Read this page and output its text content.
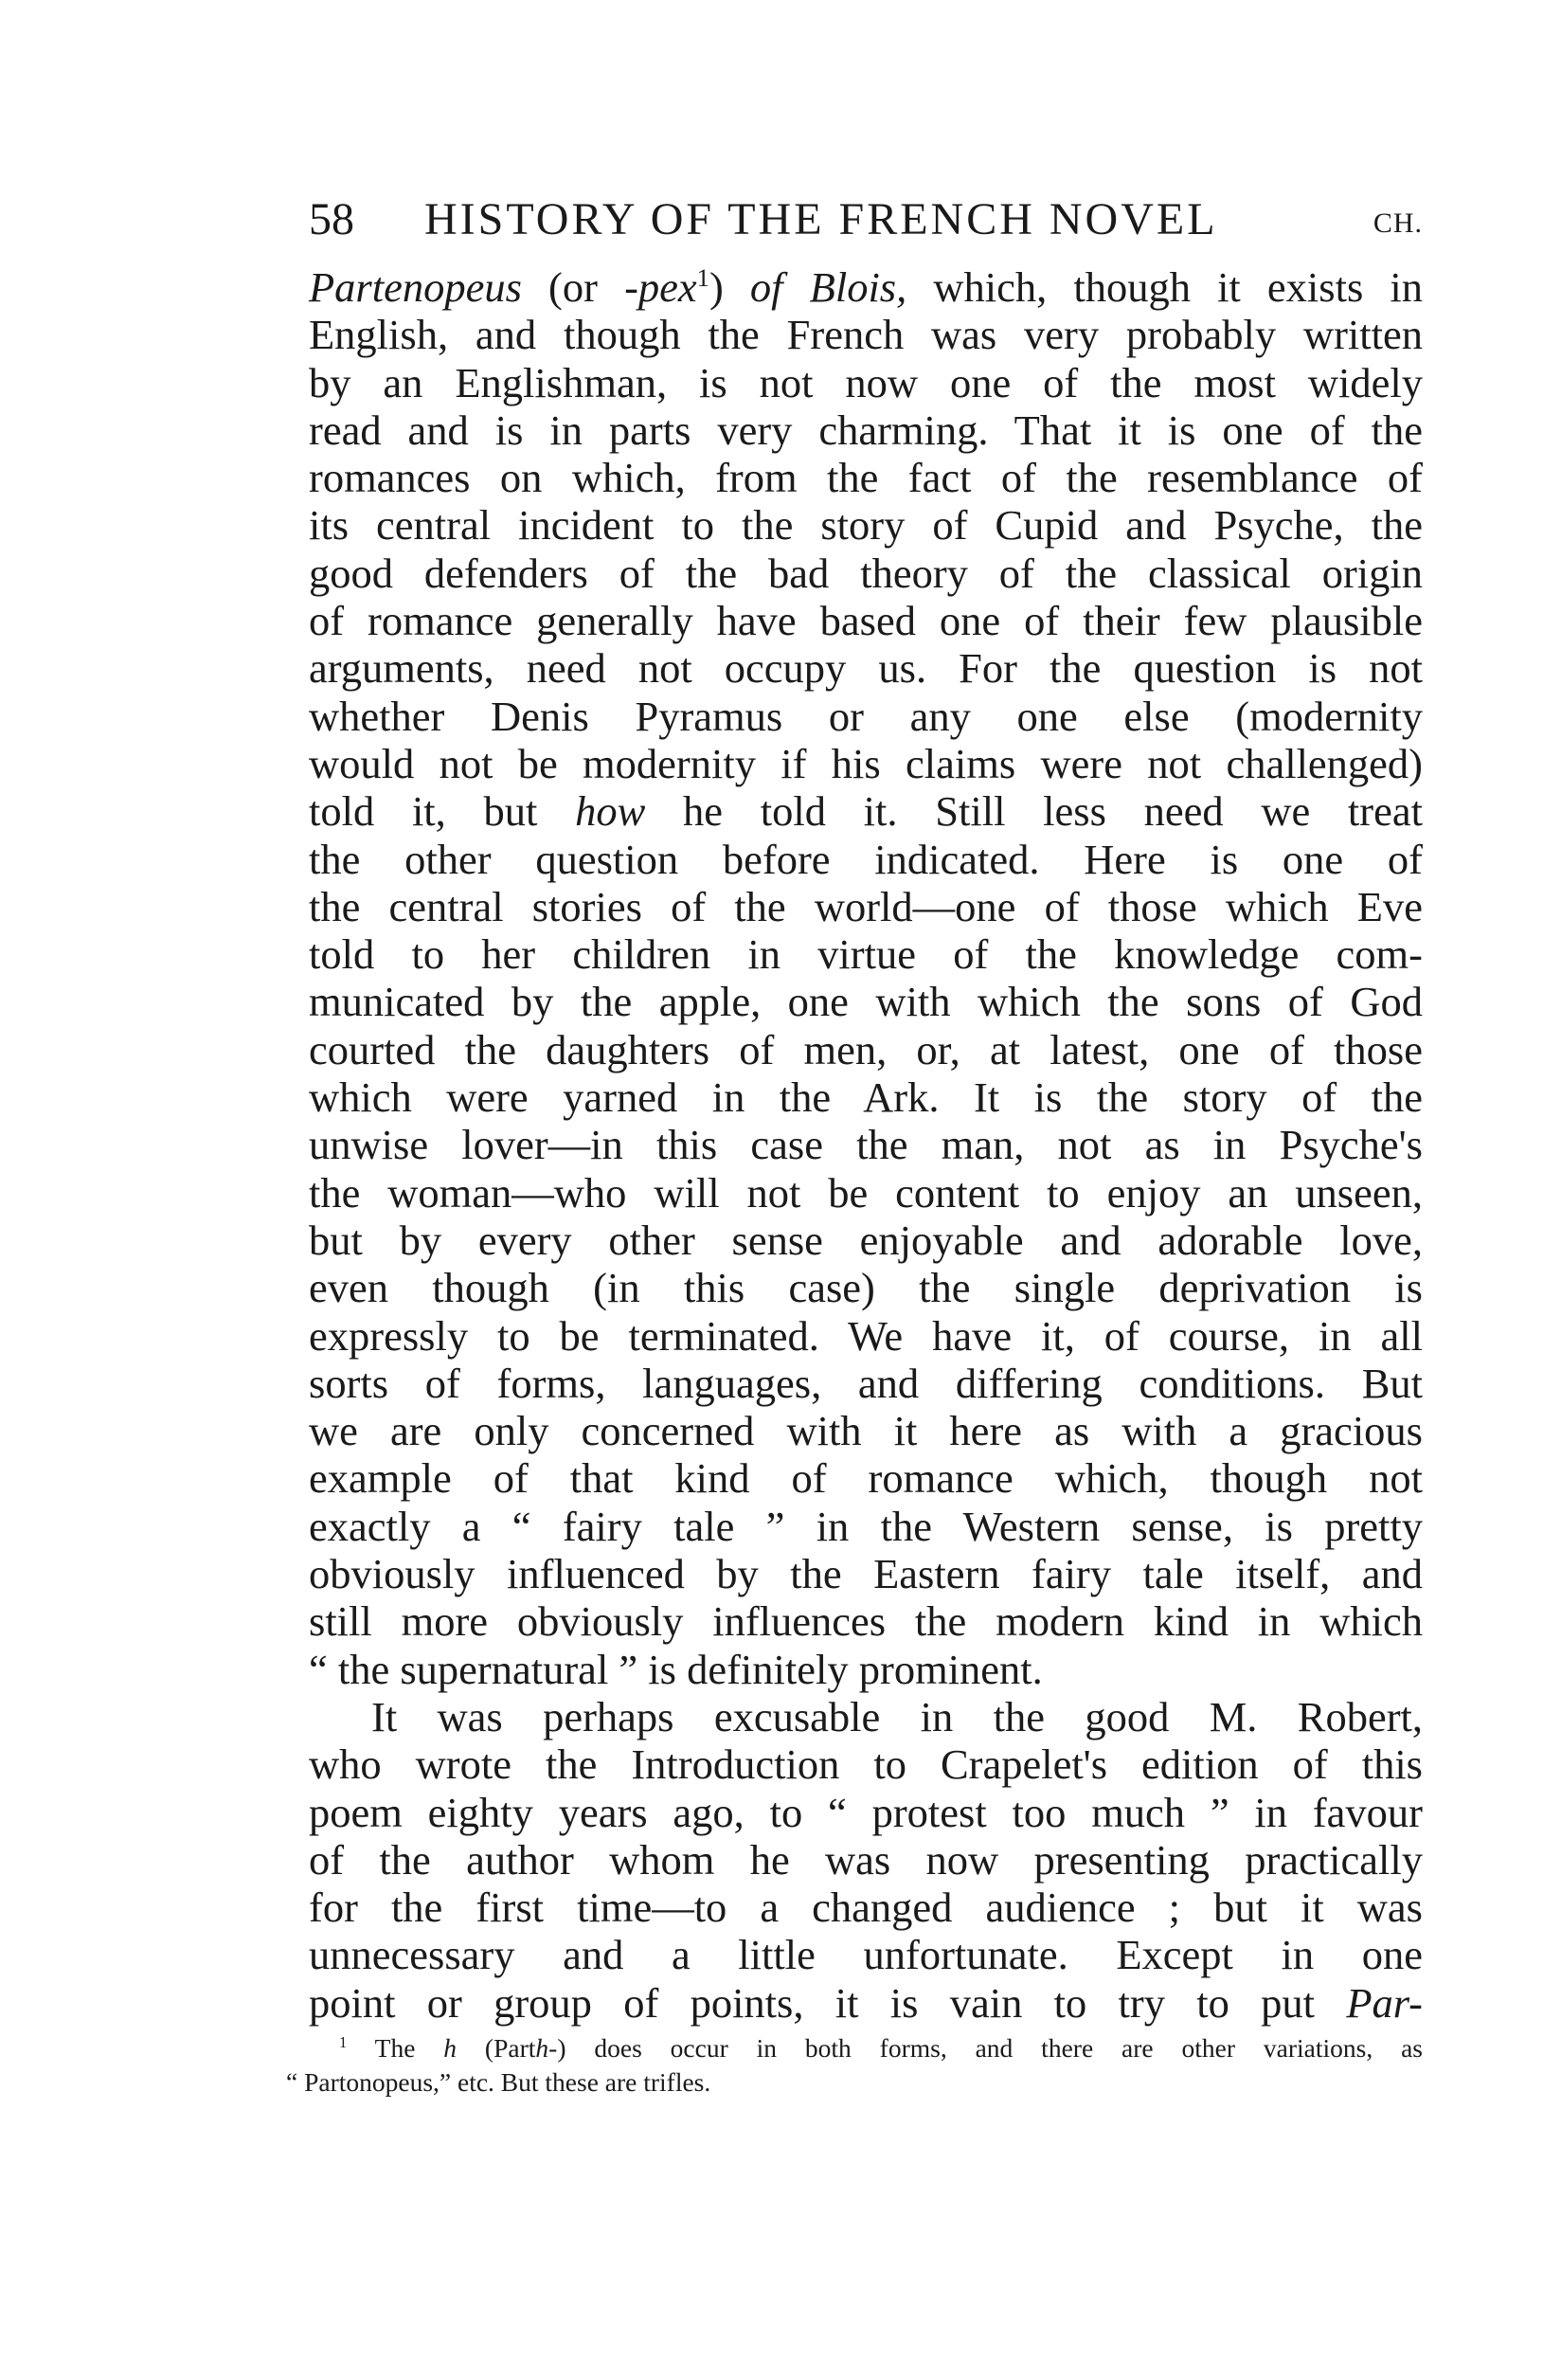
58 HISTORY OF THE FRENCH NOVEL	CH.
Partenopeus (or -pex$^1$) of Blois, which, though it exists in
English, and though the French was very probably written
by an Englishman, is not now one of the most widely
read and is in parts very charming. That it is one of the
romances on which, from the fact of the resemblance of
its central incident to the story of Cupid and Psyche, the
good defenders of the bad theory of the classical origin
of romance generally have based one of their few plausible
arguments, need not occupy us. For the question is not
whether Denis Pyramus or any one else (modernity
would not be modernity if his claims were not challenged)
told it, but how he told it. Still less need we treat
the other question before indicated. Here is one of
the central stories of the world—one of those which Eve
told to her children in virtue of the knowledge com-
municated by the apple, one with which the sons of God
courted the daughters of men, or, at latest, one of those
which were yarned in the Ark. It is the story of the
unwise lover—in this case the man, not as in Psyche's
the woman—who will not be content to enjoy an unseen,
but by every other sense enjoyable and adorable love,
even though (in this case) the single deprivation is
expressly to be terminated. We have it, of course, in all
sorts of forms, languages, and differing conditions. But
we are only concerned with it here as with a gracious
example of that kind of romance which, though not
exactly a “ fairy tale ” in the Western sense, is pretty
obviously influenced by the Eastern fairy tale itself, and
still more obviously influences the modern kind in which
“ the supernatural ” is definitely prominent.
It was perhaps excusable in the good M. Robert,
who wrote the Introduction to Crapelet's edition of this
poem eighty years ago, to “ protest too much ” in favour
of the author whom he was now presenting practically
for the first time—to a changed audience ; but it was
unnecessary and a little unfortunate. Except in one
point or group of points, it is vain to try to put Par-
$^1$ The h (Parth-) does occur in both forms, and there are other variations, as
“ Partonopeus,” etc. But these are trifles.
